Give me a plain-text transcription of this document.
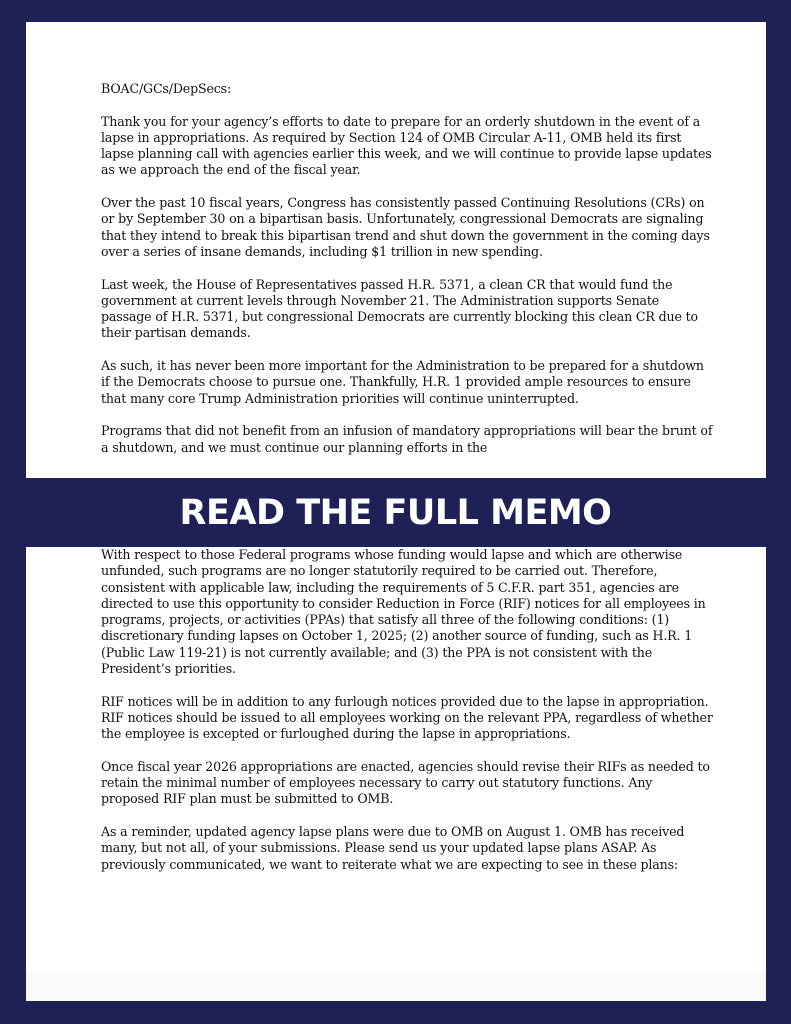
BOAC/GCs/DepSecs:

Thank you for your agency’s efforts to date to prepare for an orderly shutdown in the event of a lapse in appropriations. As required by Section 124 of OMB Circular A-11, OMB held its first lapse planning call with agencies earlier this week, and we will continue to provide lapse updates as we approach the end of the fiscal year.

Over the past 10 fiscal years, Congress has consistently passed Continuing Resolutions (CRs) on or by September 30 on a bipartisan basis. Unfortunately, congressional Democrats are signaling that they intend to break this bipartisan trend and shut down the government in the coming days over a series of insane demands, including $1 trillion in new spending.

Last week, the House of Representatives passed H.R. 5371, a clean CR that would fund the government at current levels through November 21. The Administration supports Senate passage of H.R. 5371, but congressional Democrats are currently blocking this clean CR due to their partisan demands.

As such, it has never been more important for the Administration to be prepared for a shutdown if the Democrats choose to pursue one. Thankfully, H.R. 1 provided ample resources to ensure that many core Trump Administration priorities will continue uninterrupted.

Programs that did not benefit from an infusion of mandatory appropriations will bear the brunt of a shutdown, and we must continue our planning efforts in the

READ THE FULL MEMO

With respect to those Federal programs whose funding would lapse and which are otherwise unfunded, such programs are no longer statutorily required to be carried out. Therefore, consistent with applicable law, including the requirements of 5 C.F.R. part 351, agencies are directed to use this opportunity to consider Reduction in Force (RIF) notices for all employees in programs, projects, or activities (PPAs) that satisfy all three of the following conditions: (1) discretionary funding lapses on October 1, 2025; (2) another source of funding, such as H.R. 1 (Public Law 119-21) is not currently available; and (3) the PPA is not consistent with the President’s priorities.

RIF notices will be in addition to any furlough notices provided due to the lapse in appropriation. RIF notices should be issued to all employees working on the relevant PPA, regardless of whether the employee is excepted or furloughed during the lapse in appropriations.

Once fiscal year 2026 appropriations are enacted, agencies should revise their RIFs as needed to retain the minimal number of employees necessary to carry out statutory functions. Any proposed RIF plan must be submitted to OMB.

As a reminder, updated agency lapse plans were due to OMB on August 1. OMB has received many, but not all, of your submissions. Please send us your updated lapse plans ASAP. As previously communicated, we want to reiterate what we are expecting to see in these plans:
